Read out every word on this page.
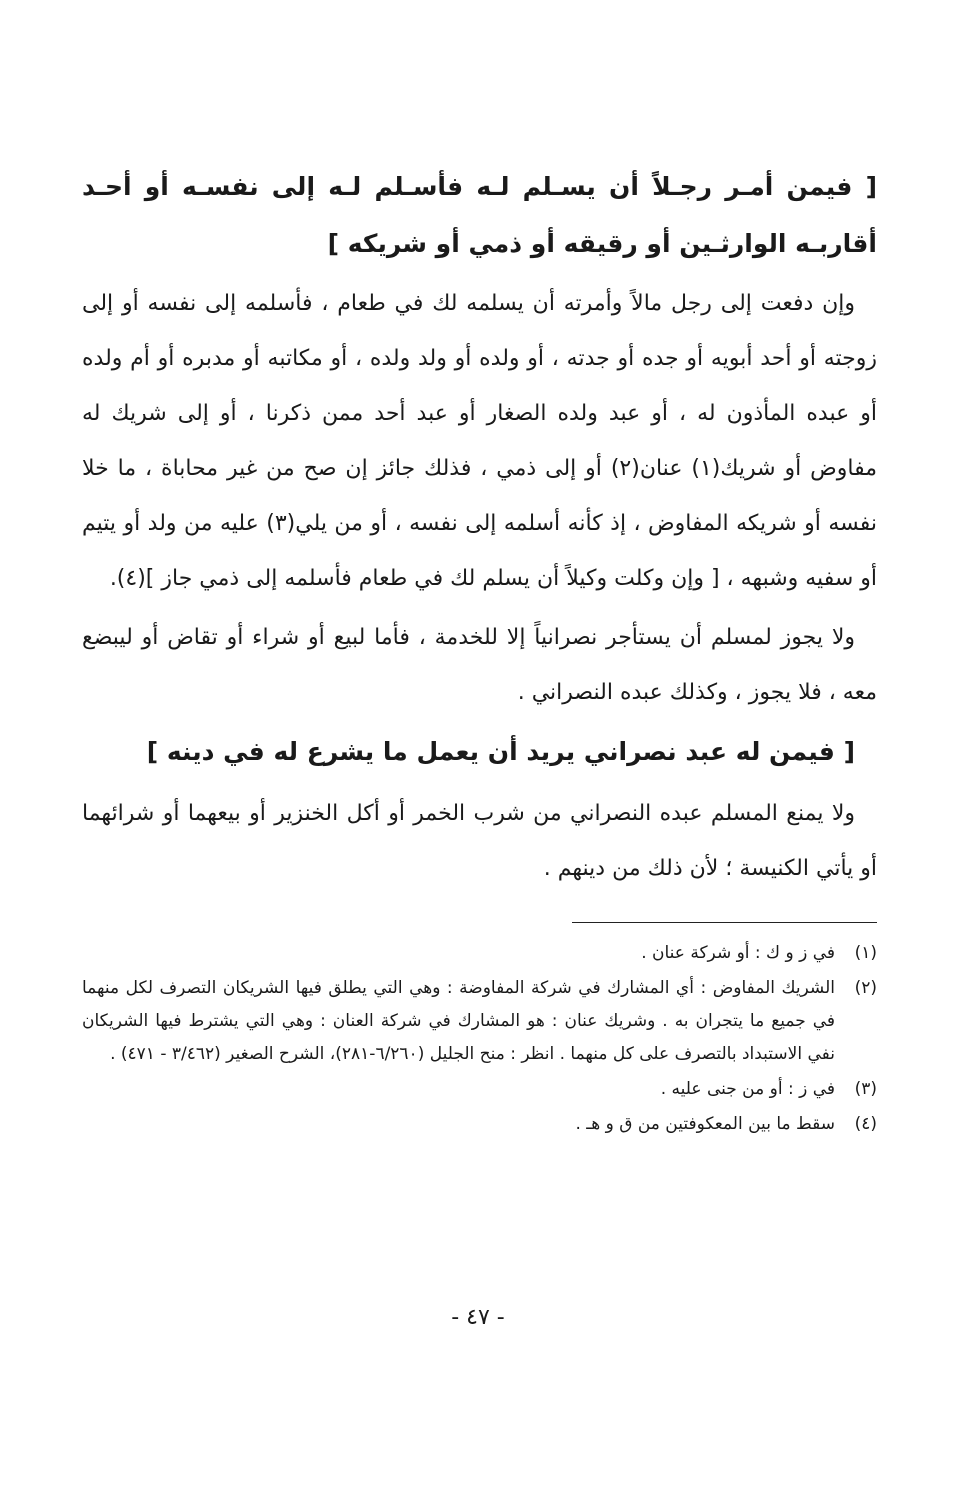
[ فيمن أمـر رجـلاً أن يسـلم لـه فأسـلم لـه إلى نفسـه أو أحـد أقاربـه الوارثـين أو رقيقه أو ذمي أو شريكه ]

وإن دفعت إلى رجل مالاً وأمرته أن يسلمه لك في طعام ، فأسلمه إلى نفسه أو إلى زوجته أو أحد أبويه أو جده أو جدته ، أو ولده أو ولد ولده ، أو مكاتبه أو مدبره أو أم ولده أو عبده المأذون له ، أو عبد ولده الصغار أو عبد أحد ممن ذكرنا ، أو إلى شريك له مفاوض أو شريك(١) عنان(٢) أو إلى ذمي ، فذلك جائز إن صح من غير محاباة ، ما خلا نفسه أو شريكه المفاوض ، إذ كأنه أسلمه إلى نفسه ، أو من يلي(٣) عليه من ولد أو يتيم أو سفيه وشبهه ، [ وإن وكلت وكيلاً أن يسلم لك في طعام فأسلمه إلى ذمي جاز ](٤).

ولا يجوز لمسلم أن يستأجر نصرانياً إلا للخدمة ، فأما لبيع أو شراء أو تقاض أو ليبضع معه ، فلا يجوز ، وكذلك عبده النصراني .

[ فيمن له عبد نصراني يريد أن يعمل ما يشرع له في دينه ]

ولا يمنع المسلم عبده النصراني من شرب الخمر أو أكل الخنزير أو بيعهما أو شرائهما أو يأتي الكنيسة ؛ لأن ذلك من دينهم .

(١)
في ز و ك : أو شركة عنان .
(٢)
الشريك المفاوض : أي المشارك في شركة المفاوضة : وهي التي يطلق فيها الشريكان التصرف لكل منهما في جميع ما يتجران به . وشريك عنان : هو المشارك في شركة العنان : وهي التي يشترط فيها الشريكان نفي الاستبداد بالتصرف على كل منهما . انظر : منح الجليل (٦/٢٦٠-٢٨١)، الشرح الصغير (٣/٤٦٢ - ٤٧١) .
(٣)
في ز : أو من جنى عليه .
(٤)
سقط ما بين المعكوفتين من ق و هـ .
- ٤٧ -
